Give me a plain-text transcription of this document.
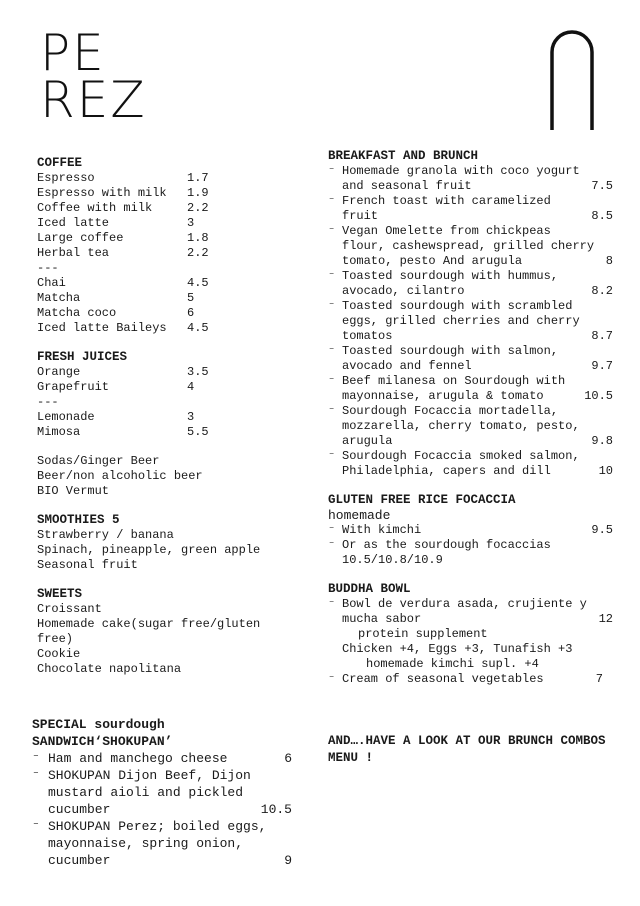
PE
REZ
COFFEE
Espresso	1.7
Espresso with milk	1.9
Coffee with milk	2.2
Iced latte	3
Large coffee	1.8
Herbal tea	2.2
---
Chai	4.5
Matcha	5
Matcha coco	6
Iced latte Baileys	4.5
FRESH JUICES
Orange	3.5
Grapefruit	4
---
Lemonade	3
Mimosa	5.5
Sodas/Ginger Beer
Beer/non alcoholic beer
BIO Vermut
SMOOTHIES 5
Strawberry / banana
Spinach, pineapple, green apple
Seasonal fruit
SWEETS
Croissant
Homemade cake(sugar free/gluten free)
Cookie
Chocolate napolitana
SPECIAL sourdough
SANDWICH‘SHOKUPAN’
⁻ Ham and manchego cheese	6
⁻ SHOKUPAN Dijon Beef, Dijon mustard aioli and pickled cucumber	10.5
⁻ SHOKUPAN Perez; boiled eggs, mayonnaise, spring onion, cucumber	9
BREAKFAST AND BRUNCH
⁻ Homemade granola with coco yogurt and seasonal fruit	7.5
⁻ French toast with caramelized fruit	8.5
⁻ Vegan Omelette from chickpeas flour, cashewspread, grilled cherry tomato, pesto And arugula	8
⁻ Toasted sourdough with hummus, avocado, cilantro	8.2
⁻ Toasted sourdough with scrambled eggs, grilled cherries and cherry tomatos	8.7
⁻ Toasted sourdough with salmon, avocado and fennel	9.7
⁻ Beef milanesa on Sourdough with mayonnaise, arugula & tomato	10.5
⁻ Sourdough Focaccia mortadella, mozzarella, cherry tomato, pesto, arugula	9.8
⁻ Sourdough Focaccia smoked salmon, Philadelphia, capers and dill	10
GLUTEN FREE RICE FOCACCIA
homemade
⁻ With kimchi	9.5
⁻ Or as the sourdough focaccias 10.5/10.8/10.9
BUDDHA BOWL
⁻ Bowl de verdura asada, crujiente y mucha sabor	12
protein supplement
Chicken +4, Eggs +3, Tunafish +3
homemade kimchi supl. +4
⁻ Cream of seasonal vegetables	7
AND….HAVE A LOOK AT OUR BRUNCH COMBOS MENU !
